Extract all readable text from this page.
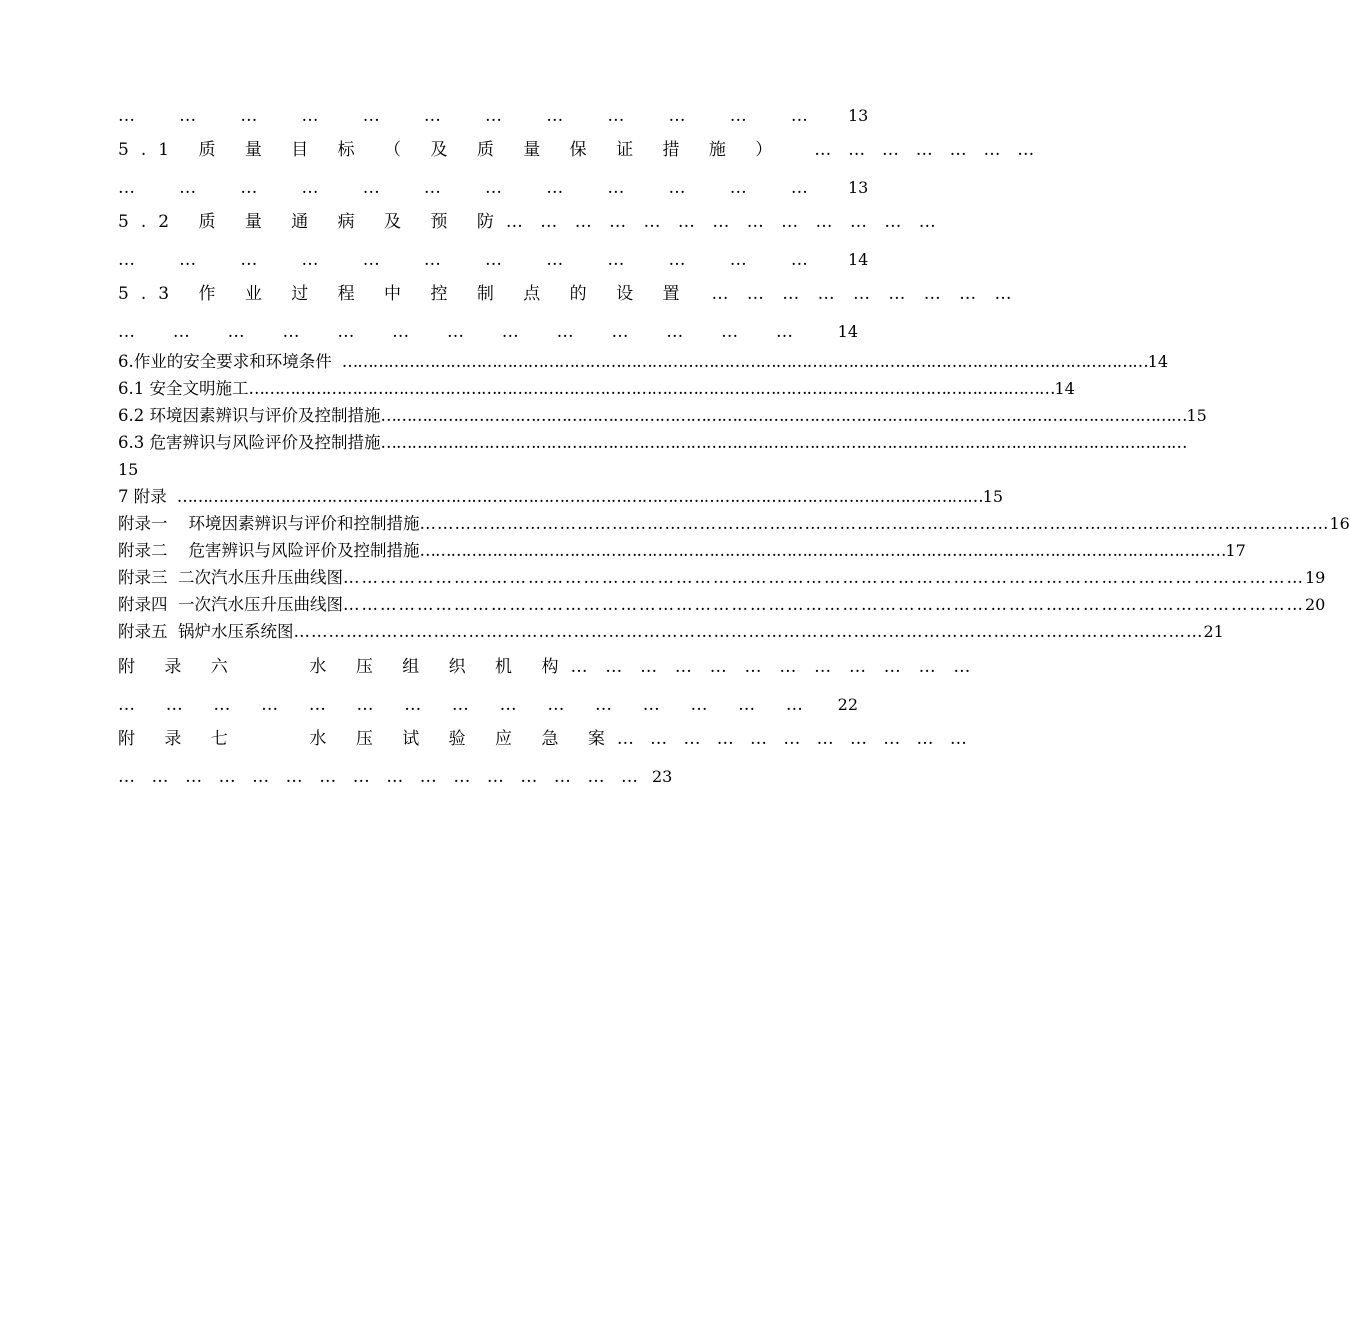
…	…	…	…	…	…	…	…	…	…	…	…	13
5.1 质 量 目 标 （ 及 质 量 保 证 措 施 ） … … … … … … …
…	…	…	…	…	…	…	…	…	…	…	…	13
5.2 质 量 通 病 及 预 防 … … … … … … … … … … … … …
…	…	…	…	…	…	…	…	…	…	…	…	14
5.3 作 业 过 程 中 控 制 点 的 设 置 … … … … … … … … …
… … … … … … … … … … … … …	14
6.作业的安全要求和环境条件 ………………………………………………………………………………………………………………………………………… 14
6.1 安全文明施工 ………………………………………………………………………………………………………………………………………… 14
6.2 环境因素辨识与评价及控制措施 ………………………………………………………………………………………………………………………………………… 15
6.3 危害辨识与风险评价及控制措施 …………………………………………………………………………………………………………………………………………
15
7 附录 ………………………………………………………………………………………………………………………………………… 15
附录一    环境因素辨识与评价和控制措施 ………………………………………………………………………………………………………………………………………… 16
附录二    危害辨识与风险评价及控制措施 ………………………………………………………………………………………………………………………………………… 17
附录三  二次汽水压升压曲线图 ………………………………………………………………………………………………………………………………………… 19
附录四  一次汽水压升压曲线图 ………………………………………………………………………………………………………………………………………… 20
附录五  锅炉水压系统图 ………………………………………………………………………………………………………………………………………… 21
附 录 六    水 压 组 织 机 构 … … … … … … … … … … … …
… … … … … … … … … … … … … … …	22
附 录 七    水 压 试 验 应 急 案 … … … … … … … … … … …
… … … … … … … … … … … … … … … … 23
